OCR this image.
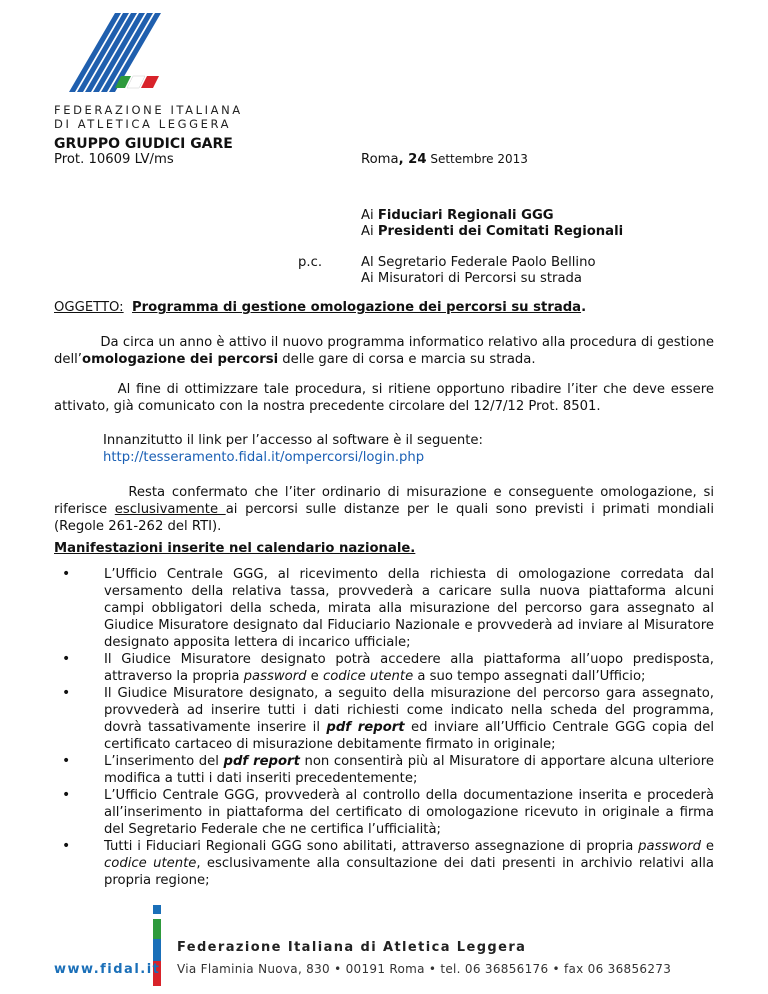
FEDERAZIONE ITALIANA
DI ATLETICA LEGGERA
GRUPPO GIUDICI GARE
Prot. 10609 LV/ms	Roma, 24 Settembre 2013
Ai Fiduciari Regionali GGG
Ai Presidenti dei Comitati Regionali
p.c.	Al Segretario Federale Paolo Bellino
Ai Misuratori di Percorsi su strada
OGGETTO: Programma di gestione omologazione dei percorsi su strada.
Da circa un anno è attivo il nuovo programma informatico relativo alla procedura di gestione dell’omologazione dei percorsi delle gare di corsa e marcia su strada.
Al fine di ottimizzare tale procedura, si ritiene opportuno ribadire l’iter che deve essere attivato, già comunicato con la nostra precedente circolare del 12/7/12 Prot. 8501.
Innanzitutto il link per l’accesso al software è il seguente:
http://tesseramento.fidal.it/ompercorsi/login.php
Resta confermato che l’iter ordinario di misurazione e conseguente omologazione, si riferisce esclusivamente ai percorsi sulle distanze per le quali sono previsti i primati mondiali (Regole 261-262 del RTI).
Manifestazioni inserite nel calendario nazionale.
• L’Ufficio Centrale GGG, al ricevimento della richiesta di omologazione corredata dal versamento della relativa tassa, provvederà a caricare sulla nuova piattaforma alcuni campi obbligatori della scheda, mirata alla misurazione del percorso gara assegnato al Giudice Misuratore designato dal Fiduciario Nazionale e provvederà ad inviare al Misuratore designato apposita lettera di incarico ufficiale;
• Il Giudice Misuratore designato potrà accedere alla piattaforma all’uopo predisposta, attraverso la propria password e codice utente a suo tempo assegnati dall’Ufficio;
• Il Giudice Misuratore designato, a seguito della misurazione del percorso gara assegnato, provvederà ad inserire tutti i dati richiesti come indicato nella scheda del programma, dovrà tassativamente inserire il pdf report ed inviare all’Ufficio Centrale GGG copia del certificato cartaceo di misurazione debitamente firmato in originale;
• L’inserimento del pdf report non consentirà più al Misuratore di apportare alcuna ulteriore modifica a tutti i dati inseriti precedentemente;
• L’Ufficio Centrale GGG, provvederà al controllo della documentazione inserita e procederà all’inserimento in piattaforma del certificato di omologazione ricevuto in originale a firma del Segretario Federale che ne certifica l’ufficialità;
• Tutti i Fiduciari Regionali GGG sono abilitati, attraverso assegnazione di propria password e codice utente, esclusivamente alla consultazione dei dati presenti in archivio relativi alla propria regione;
Federazione Italiana di Atletica Leggera
www.fidal.it Via Flaminia Nuova, 830 • 00191 Roma • tel. 06 36856176 • fax 06 36856273
